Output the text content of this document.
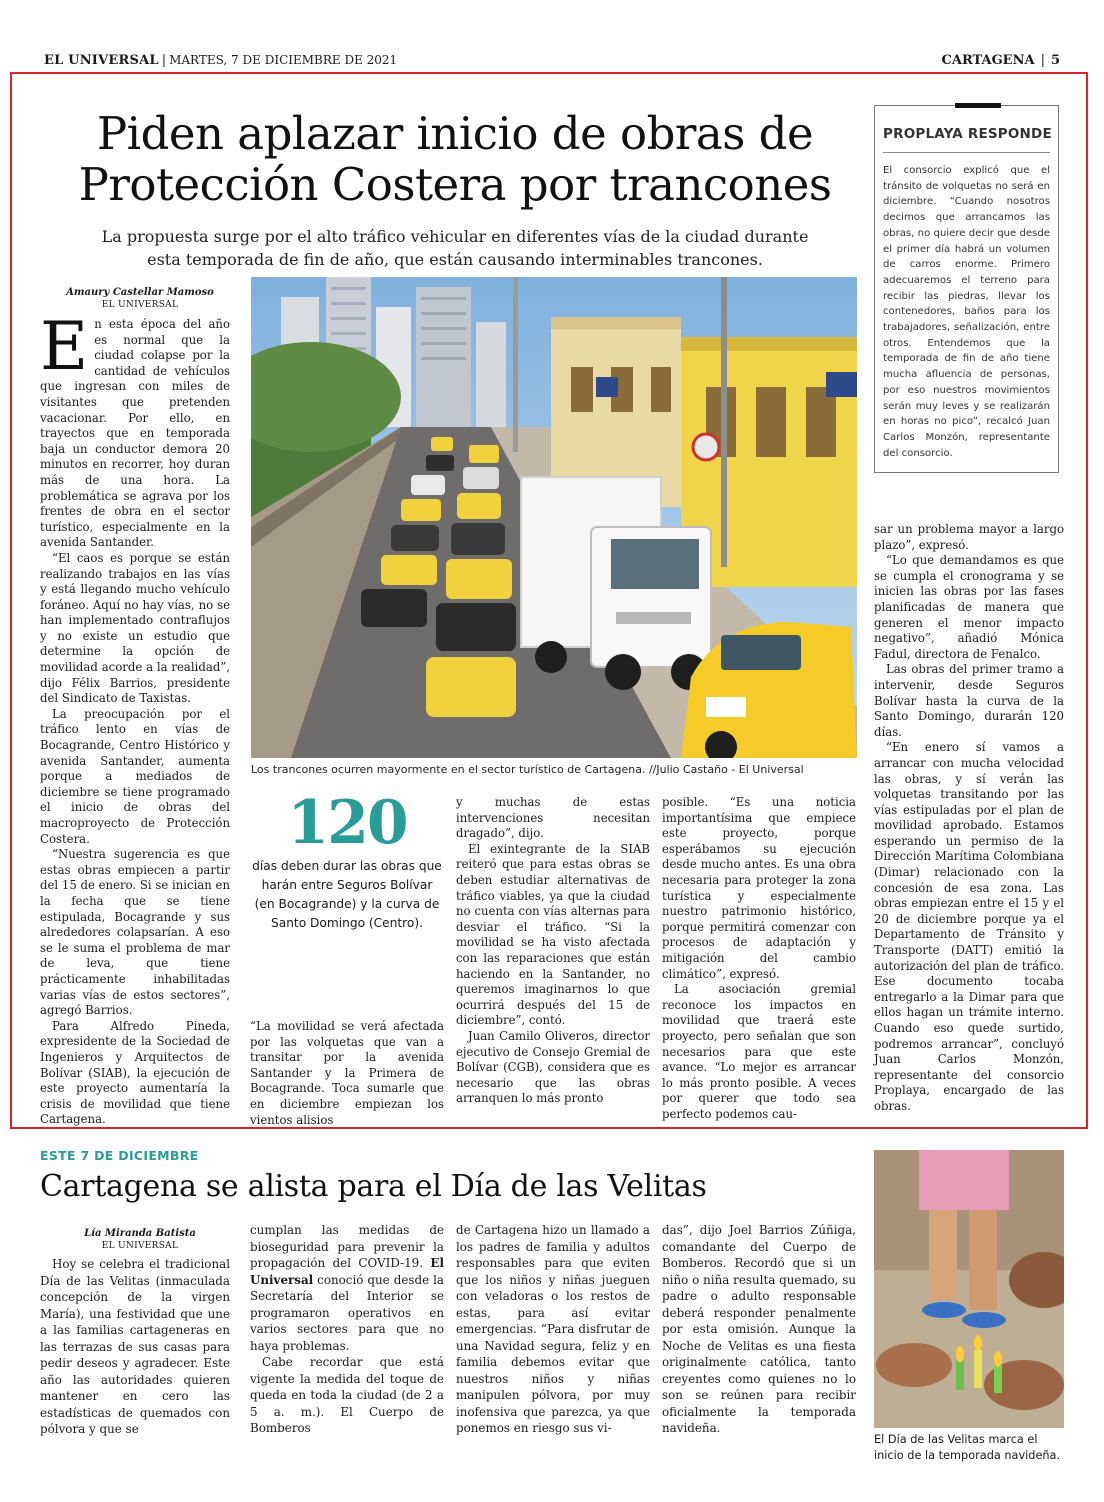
EL UNIVERSAL | MARTES, 7 DE DICIEMBRE DE 2021	CARTAGENA | 5
Piden aplazar inicio de obras de
Protección Costera por trancones
La propuesta surge por el alto tráfico vehicular en diferentes vías de la ciudad durante
esta temporada de fin de año, que están causando interminables trancones.
Amaury Castellar Mamoso
EL UNIVERSAL

En esta época del año es normal que la ciudad colapse por la cantidad de vehículos que ingresan con miles de visitantes que pretenden vacacionar. Por ello, en trayectos que en temporada baja un conductor demora 20 minutos en recorrer, hoy duran más de una hora. La problemática se agrava por los frentes de obra en el sector turístico, especialmente en la avenida Santander.

“El caos es porque se están realizando trabajos en las vías y está llegando mucho vehículo foráneo. Aquí no hay vías, no se han implementado contraflujos y no existe un estudio que determine la opción de movilidad acorde a la realidad”, dijo Félix Barrios, presidente del Sindicato de Taxistas.

La preocupación por el tráfico lento en vías de Bocagrande, Centro Histórico y avenida Santander, aumenta porque a mediados de diciembre se tiene programado el inicio de obras del macroproyecto de Protección Costera.

“Nuestra sugerencia es que estas obras empiecen a partir del 15 de enero. Si se inician en la fecha que se tiene estipulada, Bocagrande y sus alrededores colapsarían. A eso se le suma el problema de mar de leva, que tiene prácticamente inhabilitadas varias vías de estos sectores”, agregó Barrios.

Para Alfredo Pineda, expresidente de la Sociedad de Ingenieros y Arquitectos de Bolívar (SIAB), la ejecución de este proyecto aumentaría la crisis de movilidad que tiene Cartagena.

Los trancones ocurren mayormente en el sector turístico de Cartagena. //Julio Castaño - El Universal
120
días deben durar las obras que harán entre Seguros Bolívar (en Bocagrande) y la curva de Santo Domingo (Centro).

“La movilidad se verá afectada por las volquetas que van a transitar por la avenida Santander y la Primera de Bocagrande. Toca sumarle que en diciembre empiezan los vientos alisios

y muchas de estas intervenciones necesitan dragado”, dijo.

El exintegrante de la SIAB reiteró que para estas obras se deben estudiar alternativas de tráfico viables, ya que la ciudad no cuenta con vías alternas para desviar el tráfico. “Si la movilidad se ha visto afectada con las reparaciones que están haciendo en la Santander, no queremos imaginarnos lo que ocurrirá después del 15 de diciembre”, contó.

Juan Camilo Oliveros, director ejecutivo de Consejo Gremial de Bolívar (CGB), considera que es necesario que las obras arranquen lo más pronto

posible. “Es una noticia importantísima que empiece este proyecto, porque esperábamos su ejecución desde mucho antes. Es una obra necesaria para proteger la zona turística y especialmente nuestro patrimonio histórico, porque permitirá comenzar con procesos de adaptación y mitigación del cambio climático”, expresó.

La asociación gremial reconoce los impactos en movilidad que traerá este proyecto, pero señalan que son necesarios para que este avance. “Lo mejor es arrancar lo más pronto posible. A veces por querer que todo sea perfecto podemos cau-

PROPLAYA RESPONDE
El consorcio explicó que el tránsito de volquetas no será en diciembre. “Cuando nosotros decimos que arrancamos las obras, no quiere decir que desde el primer día habrá un volumen de carros enorme. Primero adecuaremos el terreno para recibir las piedras, llevar los contenedores, baños para los trabajadores, señalización, entre otros. Entendemos que la temporada de fin de año tiene mucha afluencia de personas, por eso nuestros movimientos serán muy leves y se realizarán en horas no pico”, recalcó Juan Carlos Monzón, representante del consorcio.

sar un problema mayor a largo plazo”, expresó.

“Lo que demandamos es que se cumpla el cronograma y se inicien las obras por las fases planificadas de manera que generen el menor impacto negativo”, añadió Mónica Fadul, directora de Fenalco.

Las obras del primer tramo a intervenir, desde Seguros Bolívar hasta la curva de la Santo Domingo, durarán 120 días.

“En enero sí vamos a arrancar con mucha velocidad las obras, y sí verán las volquetas transitando por las vías estipuladas por el plan de movilidad aprobado. Estamos esperando un permiso de la Dirección Marítima Colombiana (Dimar) relacionado con la concesión de esa zona. Las obras empiezan entre el 15 y el 20 de diciembre porque ya el Departamento de Tránsito y Transporte (DATT) emitió la autorización del plan de tráfico. Ese documento tocaba entregarlo a la Dimar para que ellos hagan un trámite interno. Cuando eso quede surtido, podremos arrancar”, concluyó Juan Carlos Monzón, representante del consorcio Proplaya, encargado de las obras.

ESTE 7 DE DICIEMBRE
Cartagena se alista para el Día de las Velitas
Lía Miranda Batista
EL UNIVERSAL

Hoy se celebra el tradicional Día de las Velitas (inmaculada concepción de la virgen María), una festividad que une a las familias cartageneras en las terrazas de sus casas para pedir deseos y agradecer. Este año las autoridades quieren mantener en cero las estadísticas de quemados con pólvora y que se

cumplan las medidas de bioseguridad para prevenir la propagación del COVID-19. El Universal conoció que desde la Secretaría del Interior se programaron operativos en varios sectores para que no haya problemas.

Cabe recordar que está vigente la medida del toque de queda en toda la ciudad (de 2 a 5 a. m.). El Cuerpo de Bomberos

de Cartagena hizo un llamado a los padres de familia y adultos responsables para que eviten que los niños y niñas jueguen con veladoras o los restos de estas, para así evitar emergencias. “Para disfrutar de una Navidad segura, feliz y en familia debemos evitar que nuestros niños y niñas manipulen pólvora, por muy inofensiva que parezca, ya que ponemos en riesgo sus vi-

das”, dijo Joel Barrios Zúñiga, comandante del Cuerpo de Bomberos. Recordó que si un niño o niña resulta quemado, su padre o adulto responsable deberá responder penalmente por esta omisión. Aunque la Noche de Velitas es una fiesta originalmente católica, tanto creyentes como quienes no lo son se reúnen para recibir oficialmente la temporada navideña.

El Día de las Velitas marca el inicio de la temporada navideña.
